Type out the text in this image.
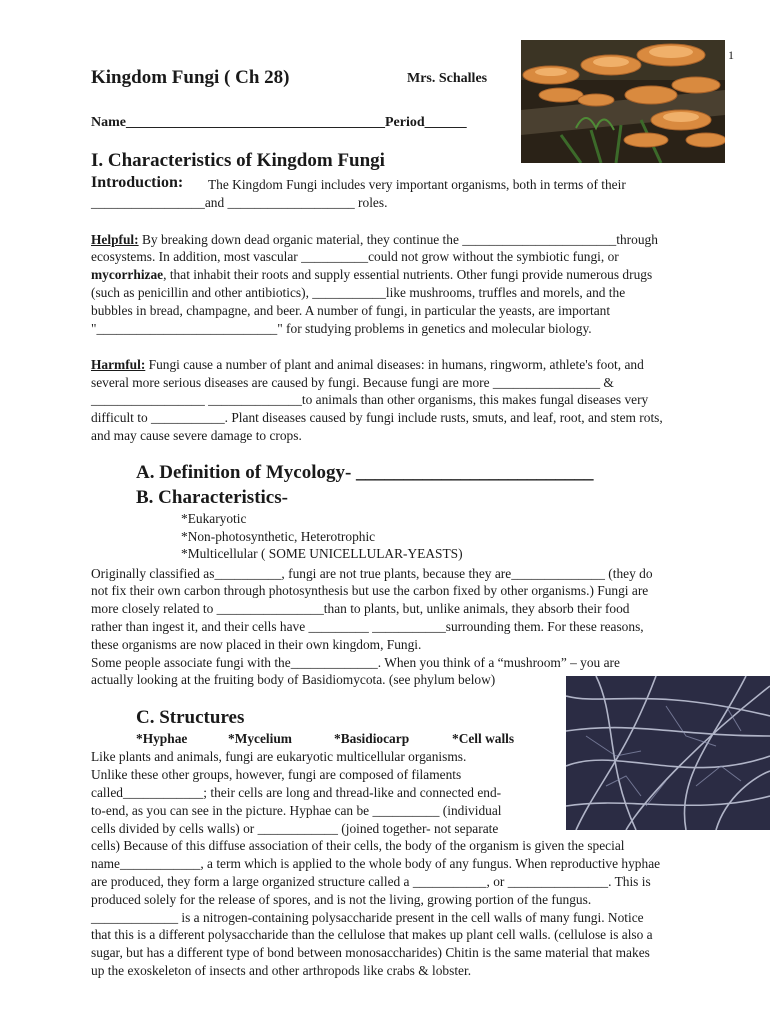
1
Kingdom Fungi ( Ch 28)	Mrs. Schalles
Name_____________________________________Period______
I. Characteristics of Kingdom Fungi
Introduction: The Kingdom Fungi includes very important organisms, both in terms of their
_________________and ___________________ roles.
Helpful: By breaking down dead organic material, they continue the _______________________through
ecosystems. In addition, most vascular __________could not grow without the symbiotic fungi, or
mycorrhizae, that inhabit their roots and supply essential nutrients. Other fungi provide numerous drugs
(such as penicillin and other antibiotics), ___________like mushrooms, truffles and morels, and the
bubbles in bread, champagne, and beer. A number of fungi, in particular the yeasts, are important
"___________________________" for studying problems in genetics and molecular biology.
Harmful: Fungi cause a number of plant and animal diseases: in humans, ringworm, athlete's foot, and
several more serious diseases are caused by fungi. Because fungi are more ________________ &
_________________ ______________to animals than other organisms, this makes fungal diseases very
difficult to ___________. Plant diseases caused by fungi include rusts, smuts, and leaf, root, and stem rots,
and may cause severe damage to crops.
A. Definition of Mycology- _________________________
B. Characteristics-
*Eukaryotic
*Non-photosynthetic, Heterotrophic
*Multicellular ( SOME UNICELLULAR-YEASTS)
Originally classified as__________, fungi are not true plants, because they are______________ (they do
not fix their own carbon through photosynthesis but use the carbon fixed by other organisms.) Fungi are
more closely related to ________________than to plants, but, unlike animals, they absorb their food
rather than ingest it, and their cells have _________ ___________surrounding them. For these reasons,
these organisms are now placed in their own kingdom, Fungi.
Some people associate fungi with the_____________. When you think of a “mushroom” – you are
actually looking at the fruiting body of Basidiomycota. (see phylum below)
C. Structures
*Hyphae	*Mycelium	*Basidiocarp	*Cell walls
Like plants and animals, fungi are eukaryotic multicellular organisms.
Unlike these other groups, however, fungi are composed of filaments
called____________; their cells are long and thread-like and connected end-
to-end, as you can see in the picture. Hyphae can be __________ (individual
cells divided by cells walls) or ____________ (joined together- not separate
cells) Because of this diffuse association of their cells, the body of the organism is given the special
name____________, a term which is applied to the whole body of any fungus. When reproductive hyphae
are produced, they form a large organized structure called a ___________, or _______________. This is
produced solely for the release of spores, and is not the living, growing portion of the fungus.
_____________ is a nitrogen-containing polysaccharide present in the cell walls of many fungi. Notice
that this is a different polysaccharide than the cellulose that makes up plant cell walls. (cellulose is also a
sugar, but has a different type of bond between monosaccharides) Chitin is the same material that makes
up the exoskeleton of insects and other arthropods like crabs & lobster.
